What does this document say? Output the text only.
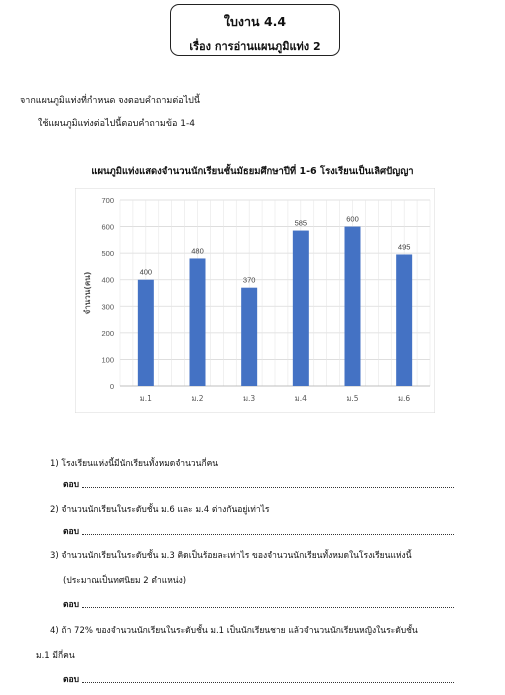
ใบงาน 4.4
เรื่อง การอ่านแผนภูมิแท่ง 2
จากแผนภูมิแท่งที่กำหนด จงตอบคำถามต่อไปนี้
ใช้แผนภูมิแท่งต่อไปนี้ตอบคำถามข้อ 1-4
แผนภูมิแท่งแสดงจำนวนนักเรียนชั้นมัธยมศึกษาปีที่ 1-6 โรงเรียนเป็นเลิศปัญญา
0
100
200
300
400
500
600
700
400
ม.1
480
ม.2
370
ม.3
585
ม.4
600
ม.5
495
ม.6
จำนวน(คน)
1) โรงเรียนแห่งนี้มีนักเรียนทั้งหมดจำนวนกี่คน
ตอบ
2) จำนวนนักเรียนในระดับชั้น ม.6 และ ม.4 ต่างกันอยู่เท่าไร
ตอบ
3) จำนวนนักเรียนในระดับชั้น ม.3 คิดเป็นร้อยละเท่าไร ของจำนวนนักเรียนทั้งหมดในโรงเรียนแห่งนี้
(ประมาณเป็นทศนิยม 2 ตำแหน่ง)
ตอบ
4) ถ้า 72% ของจำนวนนักเรียนในระดับชั้น ม.1 เป็นนักเรียนชาย แล้วจำนวนนักเรียนหญิงในระดับชั้น
ม.1 มีกี่คน
ตอบ
